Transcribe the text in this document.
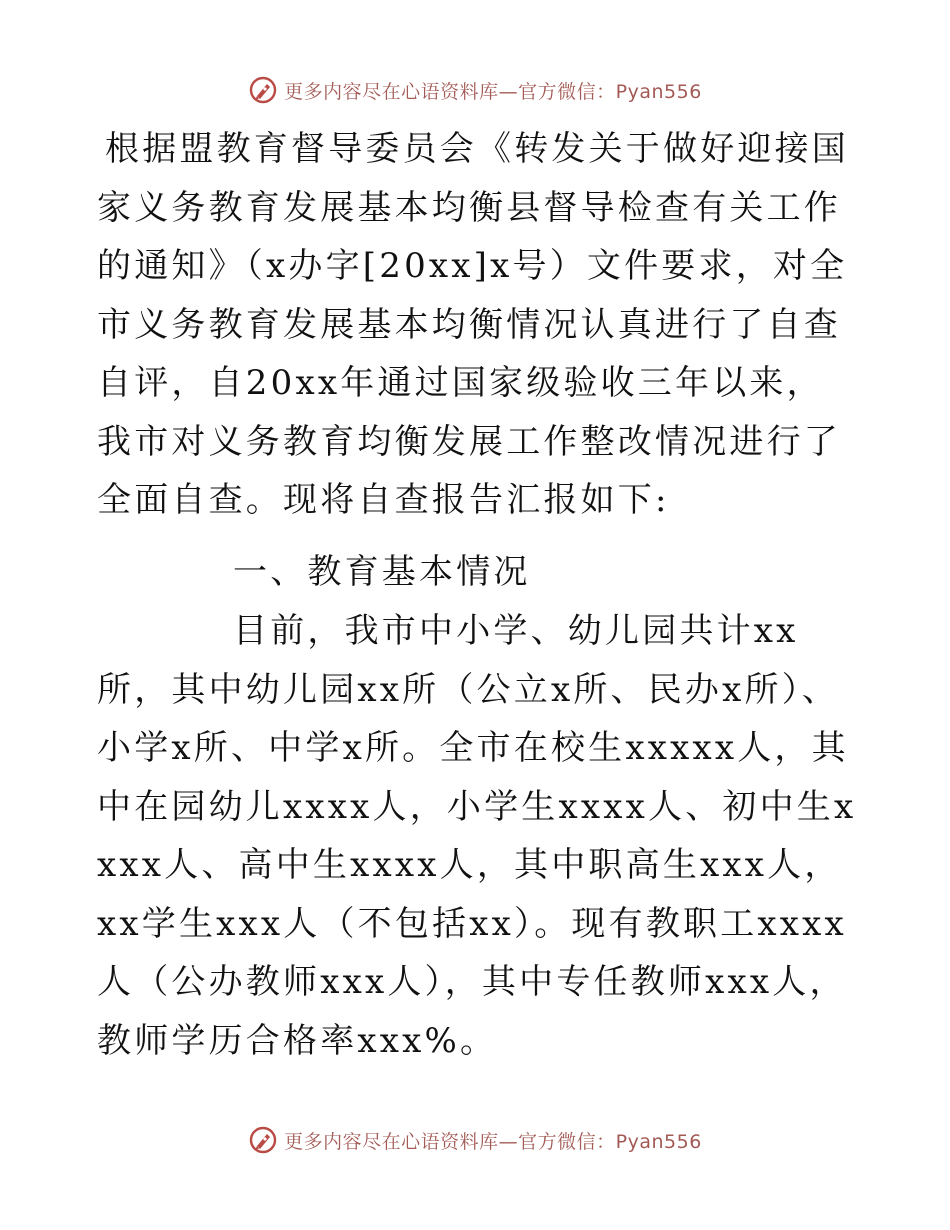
更多内容尽在心语资料库—官方微信：Pyan556

根据盟教育督导委员会《转发关于做好迎接国家义务教育发展基本均衡县督导检查有关工作的通知》（x办字[20xx]x号）文件要求，对全市义务教育发展基本均衡情况认真进行了自查自评，自20xx年通过国家级验收三年以来，我市对义务教育均衡发展工作整改情况进行了全面自查。现将自查报告汇报如下:

一、教育基本情况

目前，我市中小学、幼儿园共计xx所，其中幼儿园xx所（公立x所、民办x所）、小学x所、中学x所。全市在校生xxxxx人，其中在园幼儿xxxx人，小学生xxxx人、初中生xxxx人、高中生xxxx人，其中职高生xxx人，xx学生xxx人（不包括xx）。现有教职工xxxx人（公办教师xxx人），其中专任教师xxx人，教师学历合格率xxx%。

更多内容尽在心语资料库—官方微信：Pyan556
